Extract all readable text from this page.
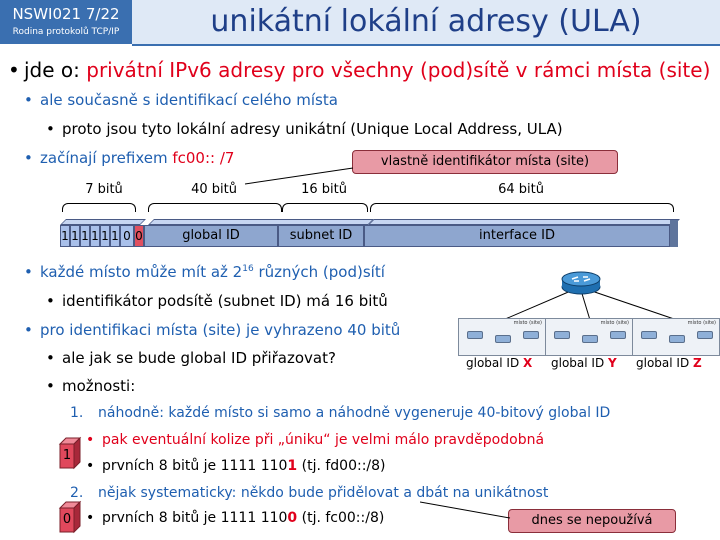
NSWI021 7/22
Rodina protokolů TCP/IP	unikátní lokální adresy (ULA)
• jde o: privátní IPv6 adresy pro všechny (pod)sítě v rámci místa (site)
• ale současně s identifikací celého místa
• proto jsou tyto lokální adresy unikátní (Unique Local Address, ULA)
• začínají prefixem fc00:: /7	vlastně identifikátor místa (site)
7 bitů	40 bitů	16 bitů	64 bitů
1 1 1 1 1 1 0 0	global ID	subnet ID	interface ID
• každé místo může mít až $2^{16}$ různých (pod)sítí
• identifikátor podsítě (subnet ID) má 16 bitů
• pro identifikaci místa (site) je vyhrazeno 40 bitů
• ale jak se bude global ID přiřazovat?
• možnosti:
1. náhodně: každé místo si samo a náhodně vygeneruje 40-bitový global ID
• pak eventuální kolize při „úniku“ je velmi málo pravděpodobná
• prvních 8 bitů je 1111 1101 (tj. fd00::/8)
2. nějak systematicky: někdo bude přidělovat a dbát na unikátnost
• prvních 8 bitů je 1111 1100 (tj. fc00::/8)
1
0	dnes se nepoužívá
místo (site)	místo (site)	místo (site)
global ID X global ID Y global ID Z
